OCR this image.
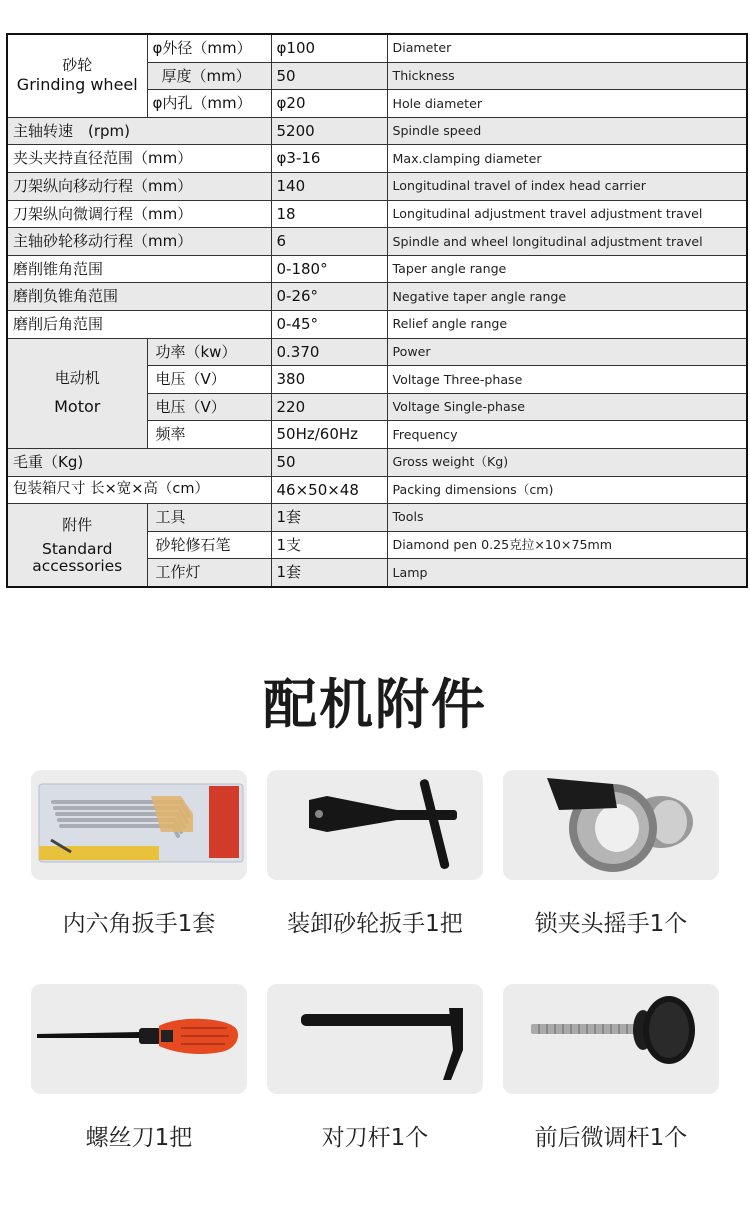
砂轮
Grinding wheel	φ外径（mm）	φ100	Diameter
	厚度（mm）	50	Thickness
	φ内孔（mm）	φ20	Hole diameter
主轴转速　(rpm)		5200	Spindle speed
夹头夹持直径范围（mm）		φ3-16	Max.clamping diameter
刀架纵向移动行程（mm）		140	Longitudinal travel of index head carrier
刀架纵向微调行程（mm）		18	Longitudinal adjustment travel adjustment travel
主轴砂轮移动行程（mm）		6	Spindle and wheel longitudinal adjustment travel
磨削锥角范围		0-180°	Taper angle range
磨削负锥角范围		0-26°	Negative taper angle range
磨削后角范围		0-45°	Relief angle range

电动机
Motor	功率（kw）	0.370	Power
	电压（V）	380	Voltage Three-phase
	电压（V）	220	Voltage Single-phase
	频率	50Hz/60Hz	Frequency
毛重（Kg)		50	Gross weight（Kg)
包装箱尺寸 长×宽×高（cm）		46×50×48	Packing dimensions（cm)

附件
Standard
accessories	工具	1套	Tools
	砂轮修石笔	1支	Diamond pen 0.25克拉×10×75mm
	工作灯	1套	Lamp
配机附件
内六角扳手1套	装卸砂轮扳手1把	锁夹头摇手1个
螺丝刀1把	对刀杆1个	前后微调杆1个
